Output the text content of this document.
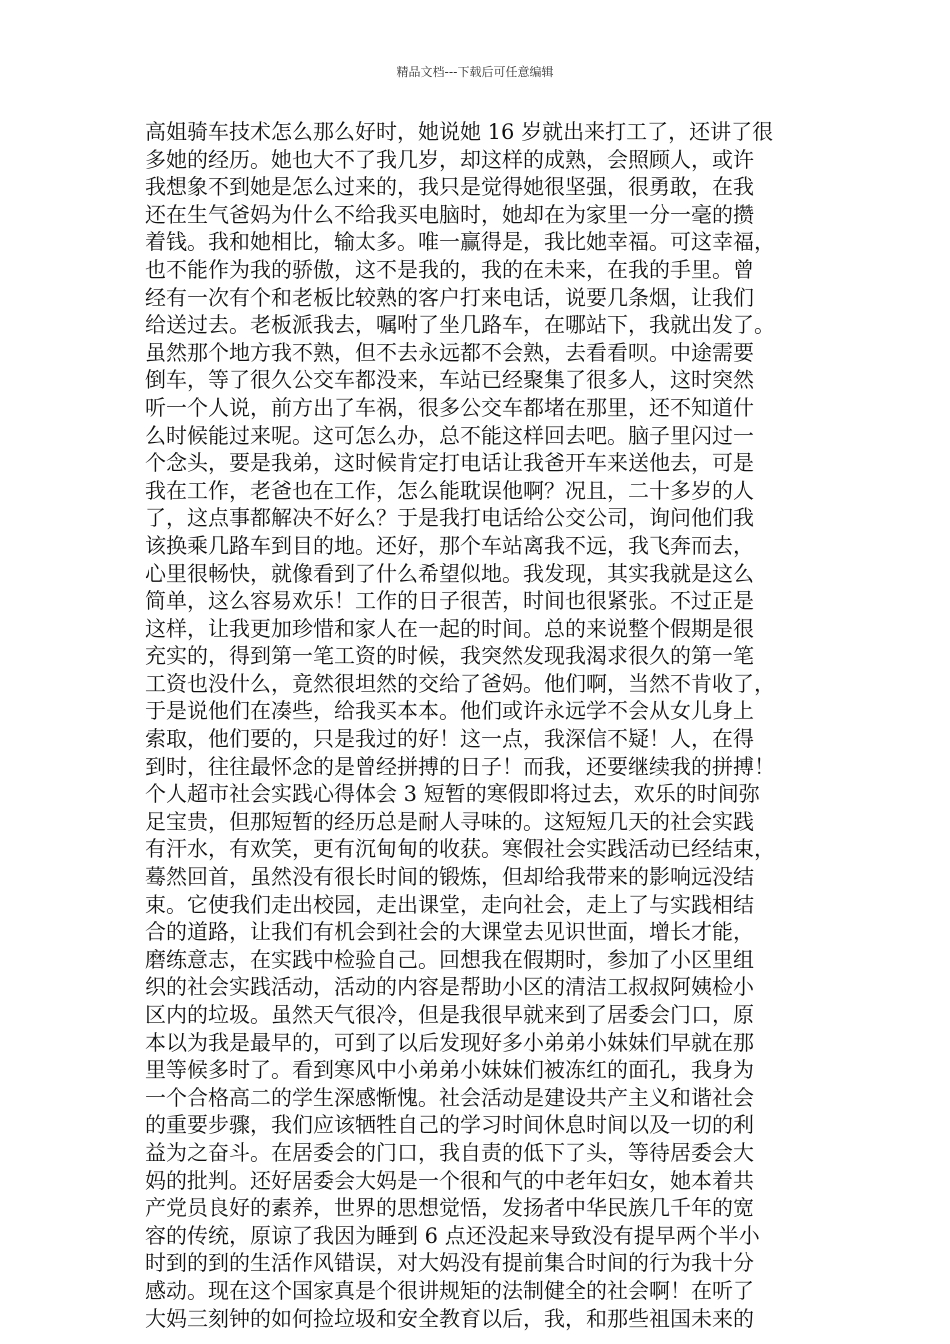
精品文档---下载后可任意编辑
高姐骑车技术怎么那么好时，她说她 16 岁就出来打工了，还讲了很
多她的经历。她也大不了我几岁，却这样的成熟，会照顾人，或许
我想象不到她是怎么过来的，我只是觉得她很坚强，很勇敢，在我
还在生气爸妈为什么不给我买电脑时，她却在为家里一分一毫的攒
着钱。我和她相比，输太多。唯一赢得是，我比她幸福。可这幸福，
也不能作为我的骄傲，这不是我的，我的在未来，在我的手里。曾
经有一次有个和老板比较熟的客户打来电话，说要几条烟，让我们
给送过去。老板派我去，嘱咐了坐几路车，在哪站下，我就出发了。
虽然那个地方我不熟，但不去永远都不会熟，去看看呗。中途需要
倒车，等了很久公交车都没来，车站已经聚集了很多人，这时突然
听一个人说，前方出了车祸，很多公交车都堵在那里，还不知道什
么时候能过来呢。这可怎么办，总不能这样回去吧。脑子里闪过一
个念头，要是我弟，这时候肯定打电话让我爸开车来送他去，可是
我在工作，老爸也在工作，怎么能耽误他啊？况且，二十多岁的人
了，这点事都解决不好么？于是我打电话给公交公司，询问他们我
该换乘几路车到目的地。还好，那个车站离我不远，我飞奔而去，
心里很畅快，就像看到了什么希望似地。我发现，其实我就是这么
简单，这么容易欢乐！工作的日子很苦，时间也很紧张。不过正是
这样，让我更加珍惜和家人在一起的时间。总的来说整个假期是很
充实的，得到第一笔工资的时候，我突然发现我渴求很久的第一笔
工资也没什么，竟然很坦然的交给了爸妈。他们啊，当然不肯收了，
于是说他们在凑些，给我买本本。他们或许永远学不会从女儿身上
索取，他们要的，只是我过的好！这一点，我深信不疑！人，在得
到时，往往最怀念的是曾经拼搏的日子！而我，还要继续我的拼搏！
个人超市社会实践心得体会 3 短暂的寒假即将过去，欢乐的时间弥
足宝贵，但那短暂的经历总是耐人寻味的。这短短几天的社会实践
有汗水，有欢笑，更有沉甸甸的收获。寒假社会实践活动已经结束，
蓦然回首，虽然没有很长时间的锻炼，但却给我带来的影响远没结
束。它使我们走出校园，走出课堂，走向社会，走上了与实践相结
合的道路，让我们有机会到社会的大课堂去见识世面，增长才能，
磨练意志，在实践中检验自己。回想我在假期时，参加了小区里组
织的社会实践活动，活动的内容是帮助小区的清洁工叔叔阿姨检小
区内的垃圾。虽然天气很冷，但是我很早就来到了居委会门口，原
本以为我是最早的，可到了以后发现好多小弟弟小妹妹们早就在那
里等候多时了。看到寒风中小弟弟小妹妹们被冻红的面孔，我身为
一个合格高二的学生深感惭愧。社会活动是建设共产主义和谐社会
的重要步骤，我们应该牺牲自己的学习时间休息时间以及一切的利
益为之奋斗。在居委会的门口，我自责的低下了头，等待居委会大
妈的批判。还好居委会大妈是一个很和气的中老年妇女，她本着共
产党员良好的素养，世界的思想觉悟，发扬者中华民族几千年的宽
容的传统，原谅了我因为睡到 6 点还没起来导致没有提早两个半小
时到的到的生活作风错误，对大妈没有提前集合时间的行为我十分
感动。现在这个国家真是个很讲规矩的法制健全的社会啊！在听了
大妈三刻钟的如何捡垃圾和安全教育以后，我，和那些祖国未来的
